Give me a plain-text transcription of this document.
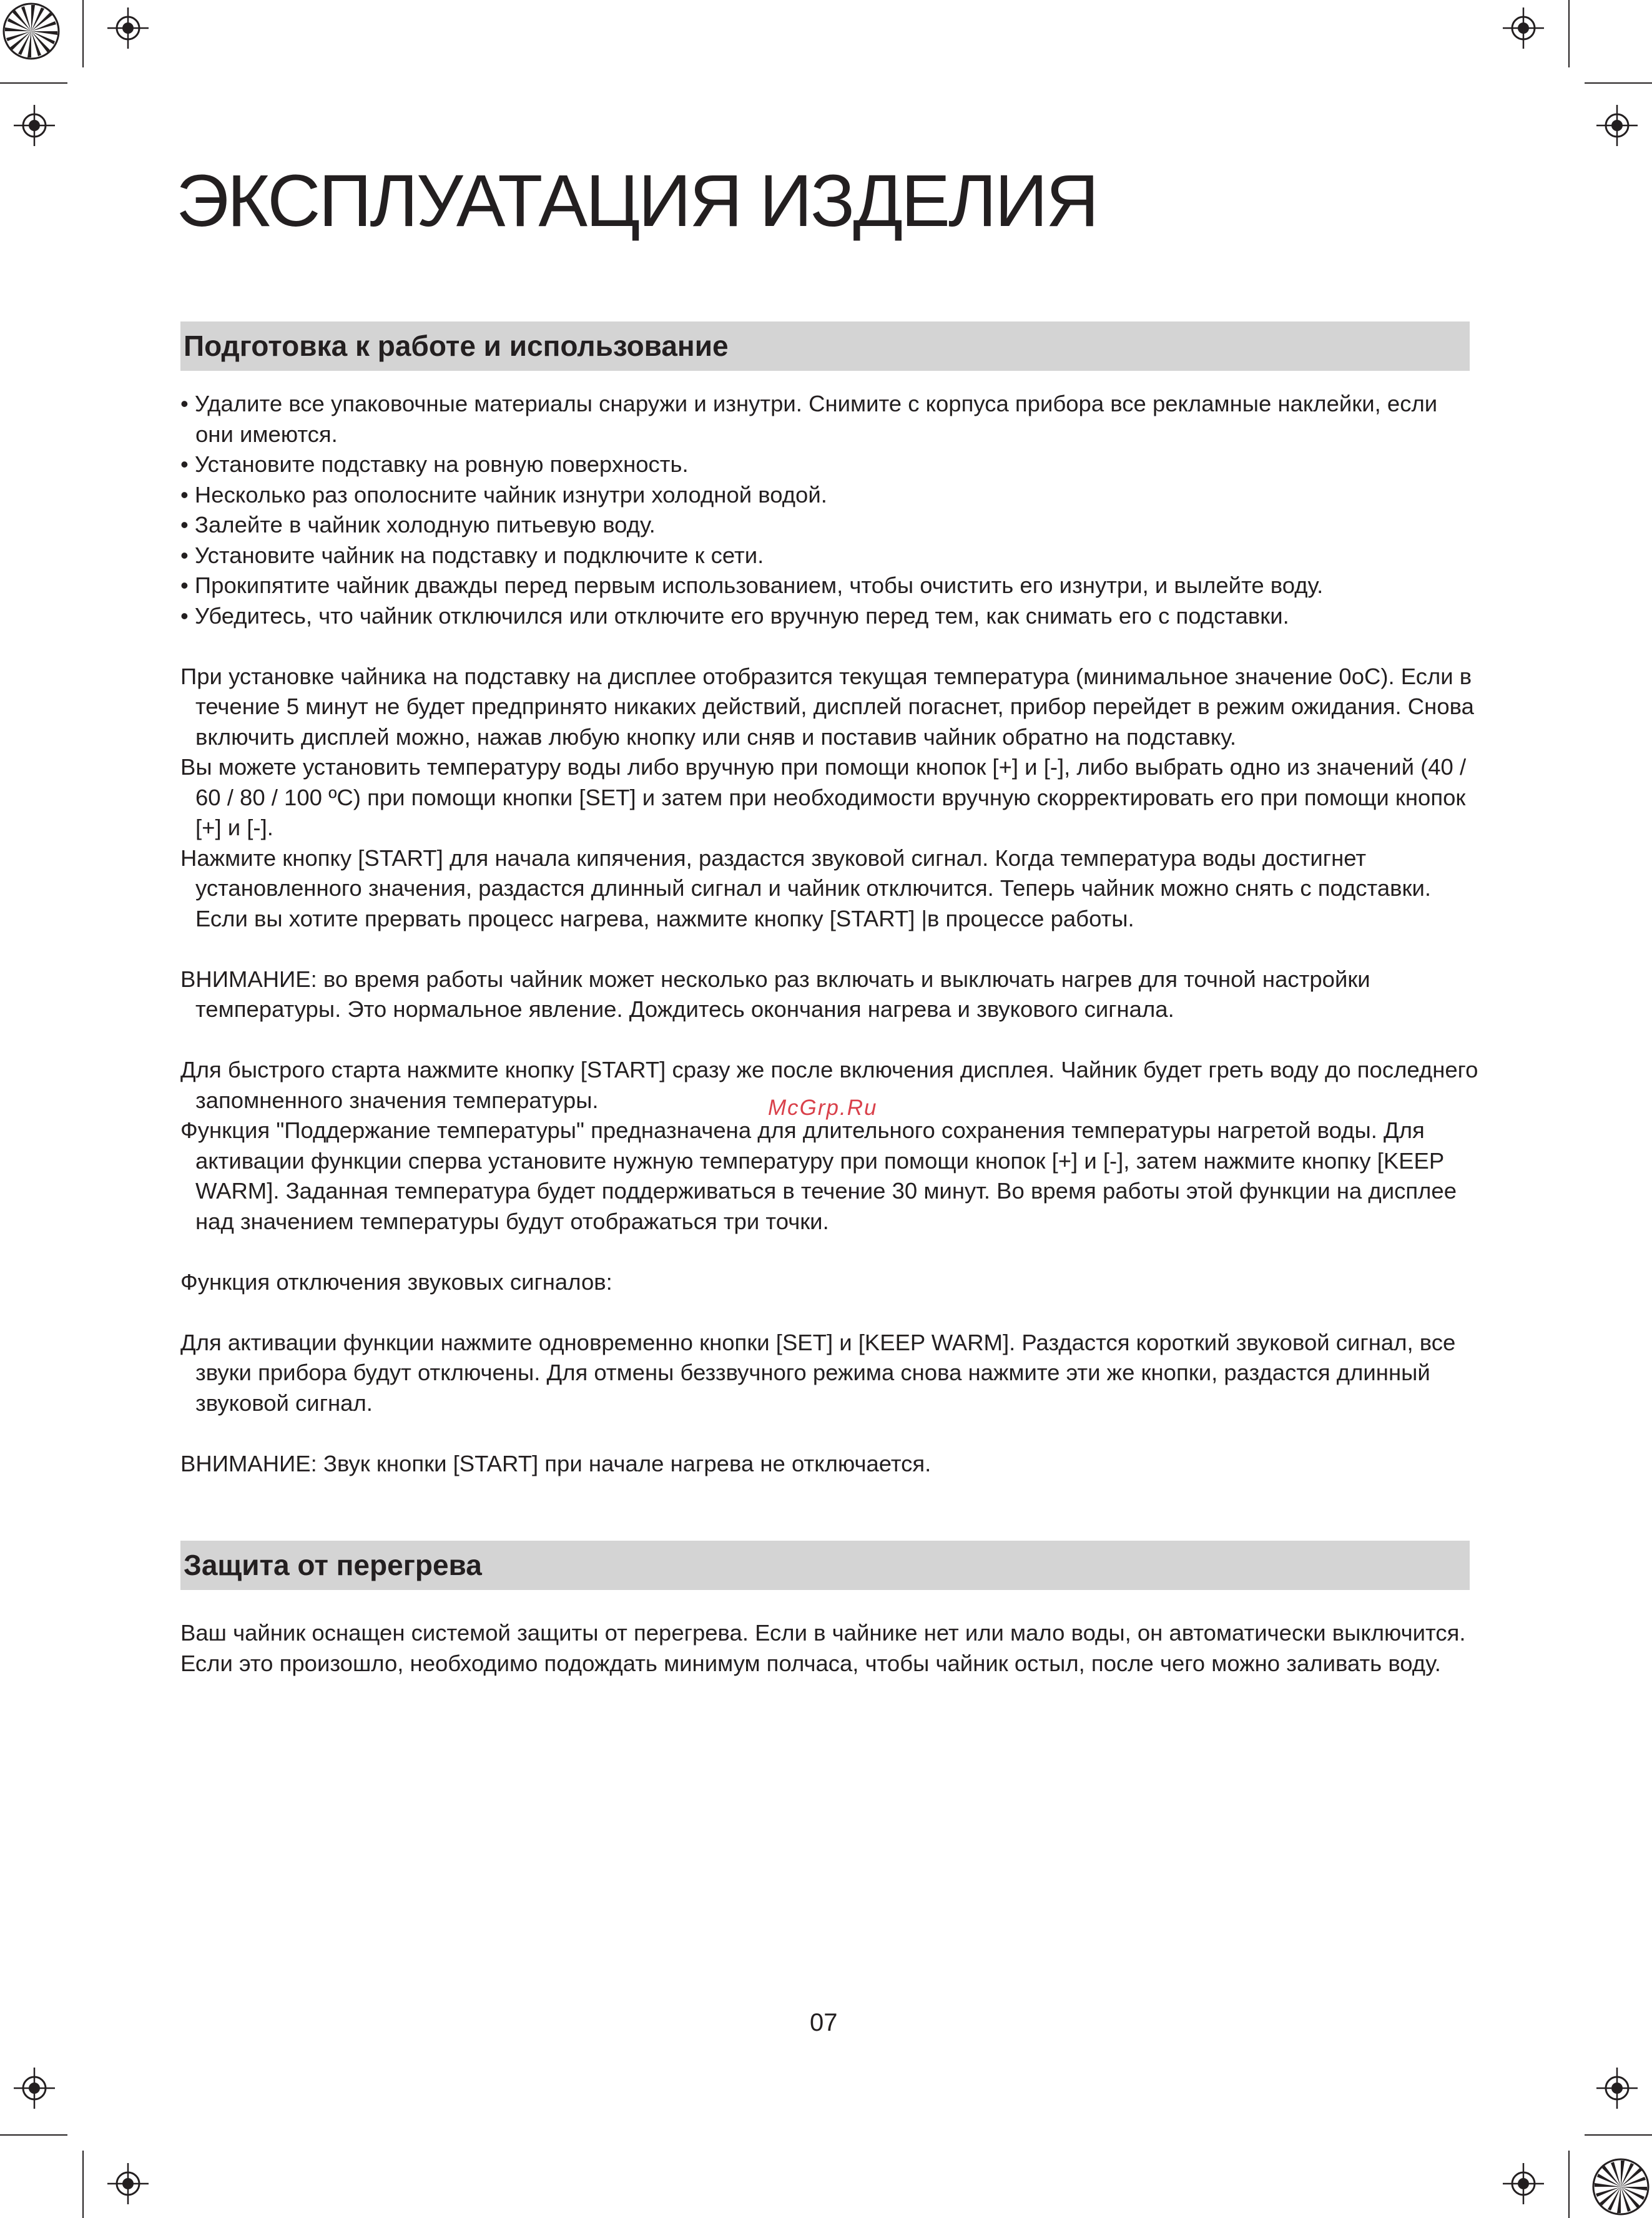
ЭКСПЛУАТАЦИЯ ИЗДЕЛИЯ
Подготовка к работе и использование

• Удалите все упаковочные материалы снаружи и изнутри. Снимите с корпуса прибора все рекламные наклейки, если они имеются.

• Установите подставку на ровную поверхность.

• Несколько раз ополосните чайник изнутри холодной водой.

• Залейте в чайник холодную питьевую воду.

• Установите чайник на подставку и подключите к сети.

• Прокипятите чайник дважды перед первым использованием, чтобы очистить его изнутри, и вылейте воду.

• Убедитесь, что чайник отключился или отключите его вручную перед тем, как снимать его с подставки.

При установке чайника на подставку на дисплее отобразится текущая температура (минимальное значение 0oC). Если в течение 5 минут не будет предпринято никаких действий, дисплей погаснет, прибор перейдет в режим ожидания. Снова включить дисплей можно, нажав любую кнопку или сняв и поставив чайник обратно на подставку.

Вы можете установить температуру воды либо вручную при помощи кнопок [+] и [-], либо выбрать одно из значений (40 / 60 / 80 / 100 ºС) при помощи кнопки [SET] и затем при необходимости вручную скорректировать его при помощи кнопок [+] и [-].

Нажмите кнопку [START] для начала кипячения, раздастся звуковой сигнал. Когда температура воды достигнет установленного значения, раздастся длинный сигнал и чайник отключится. Теперь чайник можно снять с подставки. Если вы хотите прервать процесс нагрева, нажмите кнопку [START] |в процессе работы.

ВНИМАНИЕ: во время работы чайник может несколько раз включать и выключать нагрев для точной настройки температуры. Это нормальное явление. Дождитесь окончания нагрева и звукового сигнала.

Для быстрого старта нажмите кнопку [START] сразу же после включения дисплея. Чайник будет греть воду до последнего запомненного значения температуры.

Функция "Поддержание температуры" предназначена для длительного сохранения температуры нагретой воды. Для активации функции сперва установите нужную температуру при помощи кнопок [+] и [-], затем нажмите кнопку [KEEP WARM]. Заданная температура будет поддерживаться в течение 30 минут. Во время работы этой функции на дисплее над значением температуры будут отображаться три точки.

Функция отключения звуковых сигналов:

Для активации функции нажмите одновременно кнопки [SET] и [KEEP WARM]. Раздастся короткий звуковой сигнал, все звуки прибора будут отключены. Для отмены беззвучного режима снова нажмите эти же кнопки, раздастся длинный звуковой сигнал.

ВНИМАНИЕ: Звук кнопки [START] при начале нагрева не отключается.

McGrp.Ru
Защита от перегрева

Ваш чайник оснащен системой защиты от перегрева. Если в чайнике нет или мало воды, он автоматически выключится. Если это произошло, необходимо подождать минимум полчаса, чтобы чайник остыл, после чего можно заливать воду.

07
